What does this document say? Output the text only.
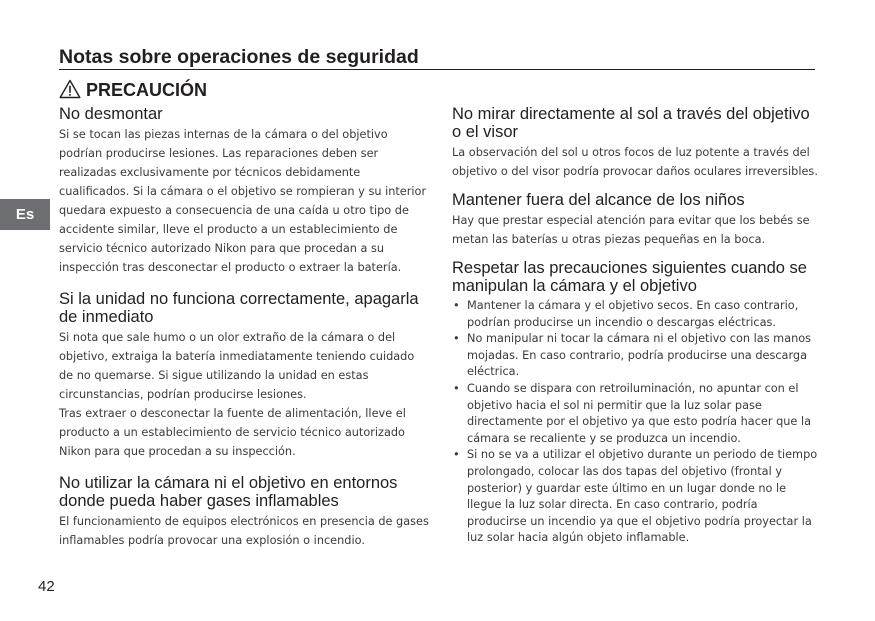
Notas sobre operaciones de seguridad
PRECAUCIÓN
Es
No desmontar

Si se tocan las piezas internas de la cámara o del objetivo podrían producirse lesiones. Las reparaciones deben ser realizadas exclusivamente por técnicos debidamente cualificados. Si la cámara o el objetivo se rompieran y su interior quedara expuesto a consecuencia de una caída u otro tipo de accidente similar, lleve el producto a un establecimiento de servicio técnico autorizado Nikon para que procedan a su inspección tras desconectar el producto o extraer la batería.

Si la unidad no funciona correctamente, apagarla de inmediato

Si nota que sale humo o un olor extraño de la cámara o del objetivo, extraiga la batería inmediatamente teniendo cuidado de no quemarse. Si sigue utilizando la unidad en estas circunstancias, podrían producirse lesiones.

Tras extraer o desconectar la fuente de alimentación, lleve el producto a un establecimiento de servicio técnico autorizado Nikon para que procedan a su inspección.

No utilizar la cámara ni el objetivo en entornos donde pueda haber gases inflamables

El funcionamiento de equipos electrónicos en presencia de gases inflamables podría provocar una explosión o incendio.

No mirar directamente al sol a través del objetivo o el visor

La observación del sol u otros focos de luz potente a través del objetivo o del visor podría provocar daños oculares irreversibles.

Mantener fuera del alcance de los niños

Hay que prestar especial atención para evitar que los bebés se metan las baterías u otras piezas pequeñas en la boca.

Respetar las precauciones siguientes cuando se manipulan la cámara y el objetivo
• Mantener la cámara y el objetivo secos. En caso contrario, podrían producirse un incendio o descargas eléctricas.
• No manipular ni tocar la cámara ni el objetivo con las manos mojadas. En caso contrario, podría producirse una descarga eléctrica.
• Cuando se dispara con retroiluminación, no apuntar con el objetivo hacia el sol ni permitir que la luz solar pase directamente por el objetivo ya que esto podría hacer que la cámara se recaliente y se produzca un incendio.
• Si no se va a utilizar el objetivo durante un periodo de tiempo prolongado, colocar las dos tapas del objetivo (frontal y posterior) y guardar este último en un lugar donde no le llegue la luz solar directa. En caso contrario, podría producirse un incendio ya que el objetivo podría proyectar la luz solar hacia algún objeto inflamable.
42
